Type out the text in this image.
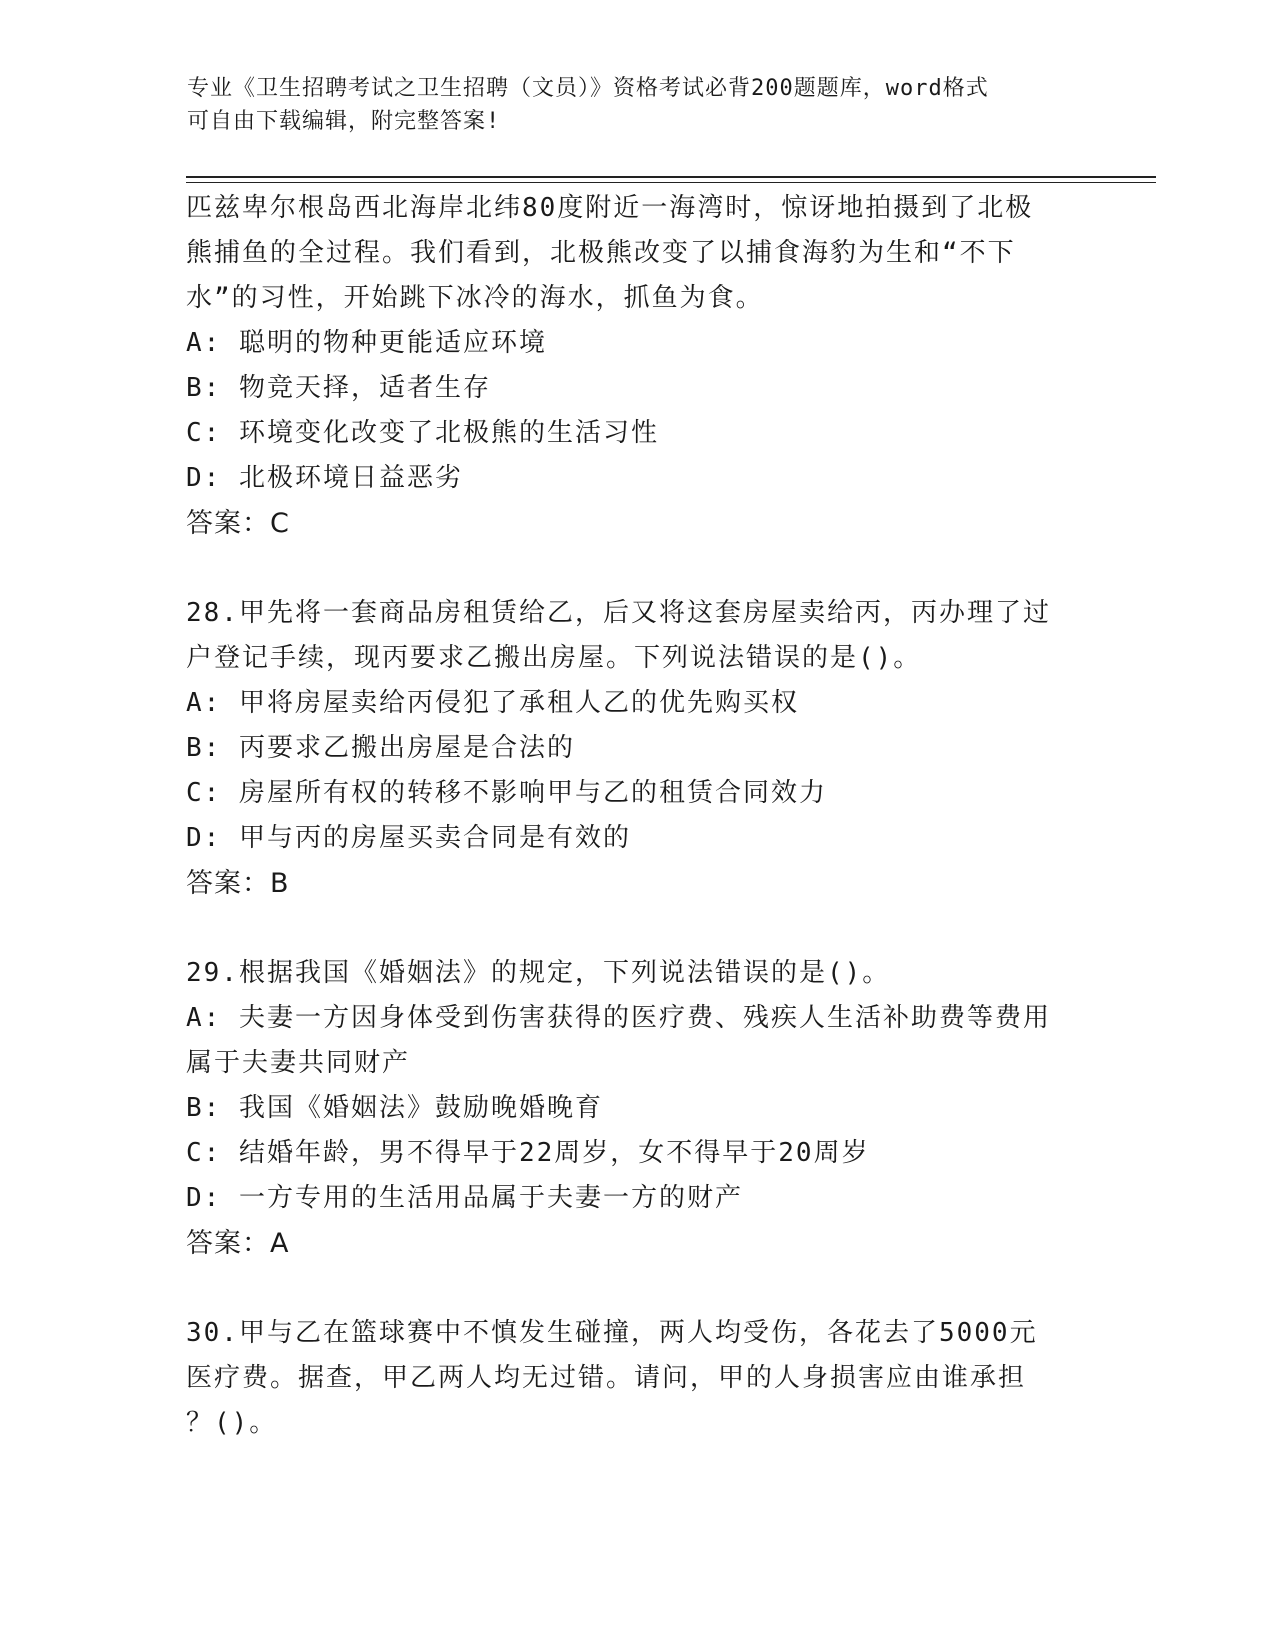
专业《卫生招聘考试之卫生招聘（文员）》资格考试必背200题题库，word格式
可自由下载编辑，附完整答案!
匹兹卑尔根岛西北海岸北纬80度附近一海湾时，惊讶地拍摄到了北极
熊捕鱼的全过程。我们看到，北极熊改变了以捕食海豹为生和“不下
水”的习性，开始跳下冰冷的海水，抓鱼为食。
A: 聪明的物种更能适应环境
B: 物竞天择，适者生存
C: 环境变化改变了北极熊的生活习性
D: 北极环境日益恶劣
答案：C
28.甲先将一套商品房租赁给乙，后又将这套房屋卖给丙，丙办理了过
户登记手续，现丙要求乙搬出房屋。下列说法错误的是()。
A: 甲将房屋卖给丙侵犯了承租人乙的优先购买权
B: 丙要求乙搬出房屋是合法的
C: 房屋所有权的转移不影响甲与乙的租赁合同效力
D: 甲与丙的房屋买卖合同是有效的
答案：B
29.根据我国《婚姻法》的规定，下列说法错误的是()。
A: 夫妻一方因身体受到伤害获得的医疗费、残疾人生活补助费等费用
属于夫妻共同财产
B: 我国《婚姻法》鼓励晚婚晚育
C: 结婚年龄，男不得早于22周岁，女不得早于20周岁
D: 一方专用的生活用品属于夫妻一方的财产
答案：A
30.甲与乙在篮球赛中不慎发生碰撞，两人均受伤，各花去了5000元
医疗费。据查，甲乙两人均无过错。请问，甲的人身损害应由谁承担
？()。
